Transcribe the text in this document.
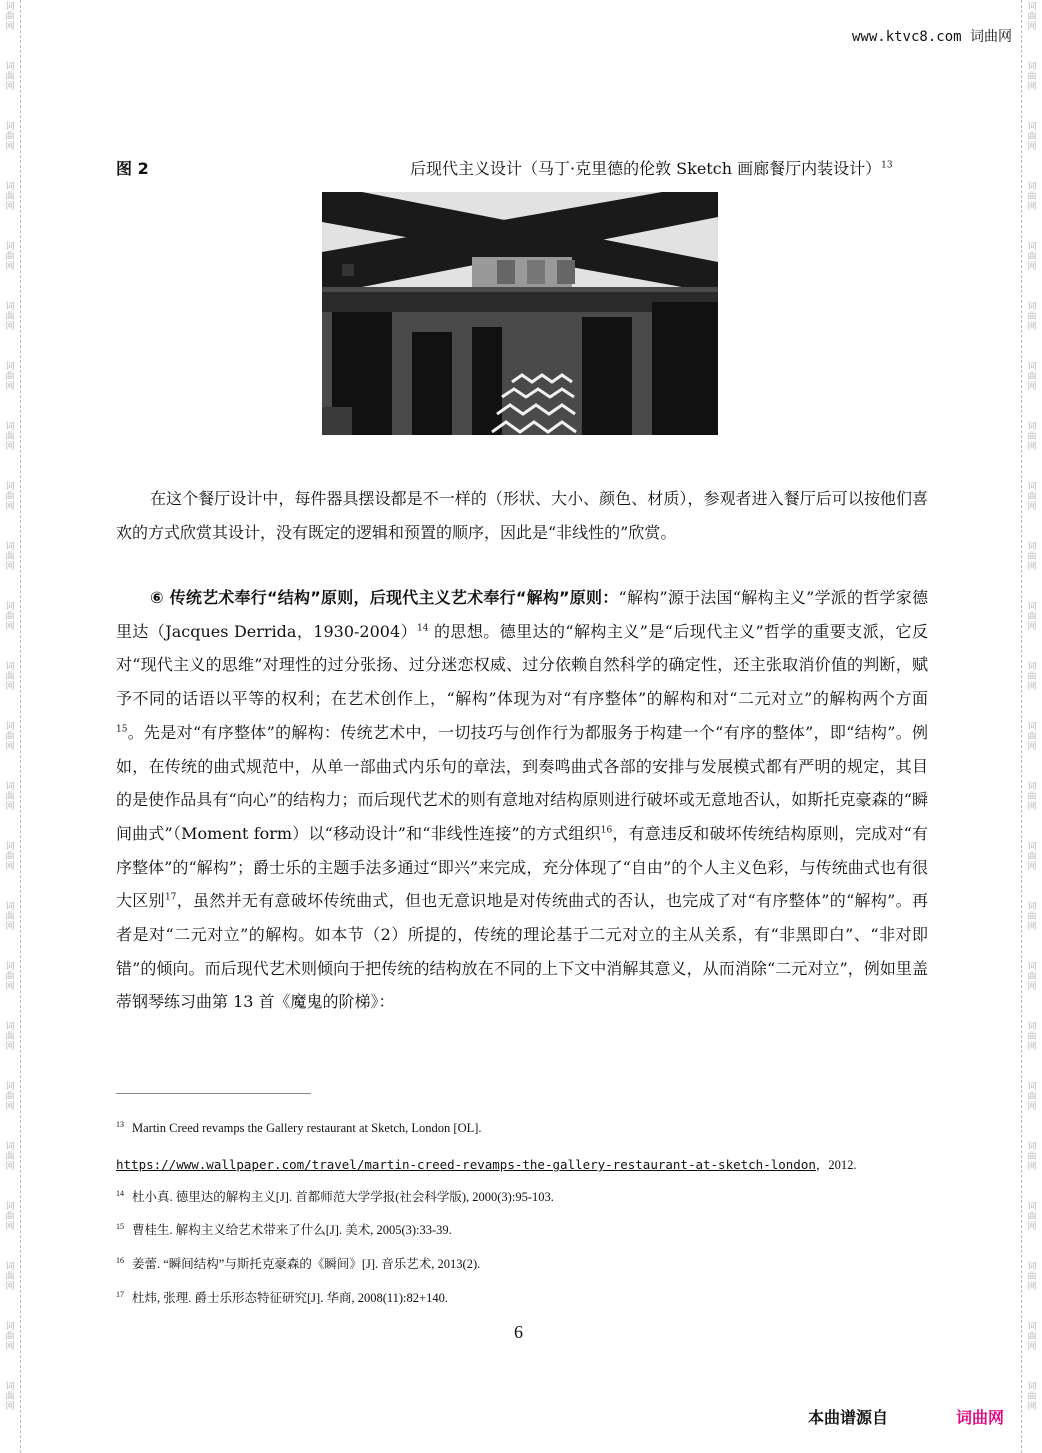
词
曲
网
词
曲
网
词
曲
网
词
曲
网
词
曲
网
词
曲
网
词
曲
网
词
曲
网
词
曲
网
词
曲
网
词
曲
网
词
曲
网
词
曲
网
词
曲
网
词
曲
网
词
曲
网
词
曲
网
词
曲
网
词
曲
网
词
曲
网
词
曲
网
词
曲
网
词
曲
网
词
曲
网
词
曲
网
词
曲
网
词
曲
网
词
曲
网
词
曲
网
词
曲
网
词
曲
网
词
曲
网
词
曲
网
词
曲
网
词
曲
网
词
曲
网
词
曲
网
词
曲
网
词
曲
网
词
曲
网
词
曲
网
词
曲
网
词
曲
网
词
曲
网
词
曲
网
词
曲
网
词
曲
网
词
曲
网
www.ktvc8.com 词曲网
图 2	后现代主义设计（马丁·克里德的伦敦 Sketch 画廊餐厅内装设计）$^{13}$

在这个餐厅设计中，每件器具摆设都是不一样的（形状、大小、颜色、材质），参观者进入餐厅后可以按他们喜欢的方式欣赏其设计，没有既定的逻辑和预置的顺序，因此是“非线性的”欣赏。

⑥ 传统艺术奉行“结构”原则，后现代主义艺术奉行“解构”原则：“解构”源于法国“解构主义”学派的哲学家德里达（Jacques Derrida，1930-2004）$^{14}$ 的思想。德里达的“解构主义”是“后现代主义”哲学的重要支派，它反对“现代主义的思维”对理性的过分张扬、过分迷恋权威、过分依赖自然科学的确定性，还主张取消价值的判断，赋予不同的话语以平等的权利；在艺术创作上，“解构”体现为对“有序整体”的解构和对“二元对立”的解构两个方面$^{15}$。先是对“有序整体”的解构：传统艺术中，一切技巧与创作行为都服务于构建一个“有序的整体”，即“结构”。例如，在传统的曲式规范中，从单一部曲式内乐句的章法，到奏鸣曲式各部的安排与发展模式都有严明的规定，其目的是使作品具有“向心”的结构力；而后现代艺术的则有意地对结构原则进行破坏或无意地否认，如斯托克豪森的“瞬间曲式”（Moment form）以“移动设计”和“非线性连接”的方式组织$^{16}$，有意违反和破坏传统结构原则，完成对“有序整体”的“解构”；爵士乐的主题手法多通过“即兴”来完成，充分体现了“自由”的个人主义色彩，与传统曲式也有很大区别$^{17}$，虽然并无有意破坏传统曲式，但也无意识地是对传统曲式的否认，也完成了对“有序整体”的“解构”。再者是对“二元对立”的解构。如本节（2）所提的，传统的理论基于二元对立的主从关系，有“非黑即白”、“非对即错”的倾向。而后现代艺术则倾向于把传统的结构放在不同的上下文中消解其意义，从而消除“二元对立”，例如里盖蒂钢琴练习曲第 13 首《魔鬼的阶梯》：

$^{13}$ Martin Creed revamps the Gallery restaurant at Sketch, London [OL].
https://www.wallpaper.com/travel/martin-creed-revamps-the-gallery-restaurant-at-sketch-london，2012.
$^{14}$ 杜小真. 德里达的解构主义[J]. 首都师范大学学报(社会科学版), 2000(3):95-103.
$^{15}$ 曹桂生. 解构主义给艺术带来了什么[J]. 美术, 2005(3):33-39.
$^{16}$ 姜蕾. “瞬间结构”与斯托克豪森的《瞬间》[J]. 音乐艺术, 2013(2).
$^{17}$ 杜炜, 张理. 爵士乐形态特征研究[J]. 华商, 2008(11):82+140.
6
本曲谱源自	词曲网
